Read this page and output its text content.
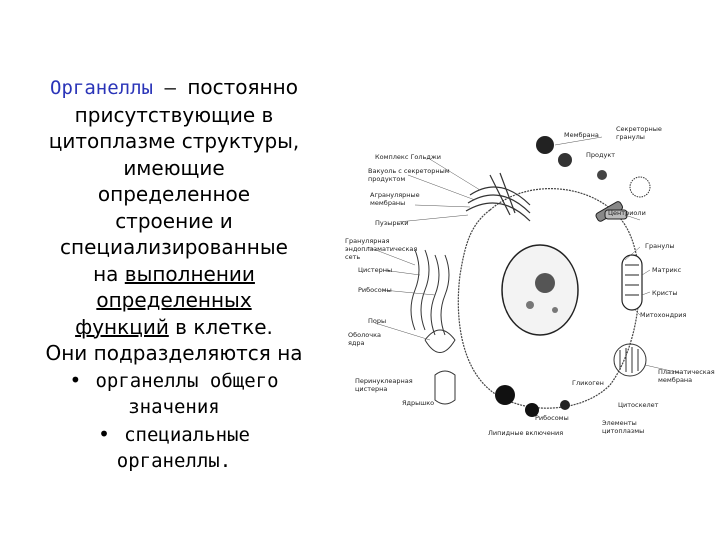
Органеллы – постоянно
присутствующие в
цитоплазме структуры,
имеющие
определенное
строение и
специализированные
на выполнении
определенных
функций в клетке.
Они подразделяются на
• органеллы общего
значения
• специальные
органеллы.
Мембрана
Секреторные
гранулы
Продукт
Комплекс Гольджи
Вакуоль с секреторным
продуктом
Агранулярные
мембраны
Пузырьки
Центриоли
Гранулярная
эндоплазматическая
сеть
Гранулы
Цистерны	Матрикс
Рибосомы	Кристы
Митохондрия
Поры
Оболочка
ядра
Плазматическая
мембрана
Перинуклеарная
цистерна
Гликоген
Ядрышко	Цитоскелет
Рибосомы
Липидные включения
Элементы
цитоплазмы
